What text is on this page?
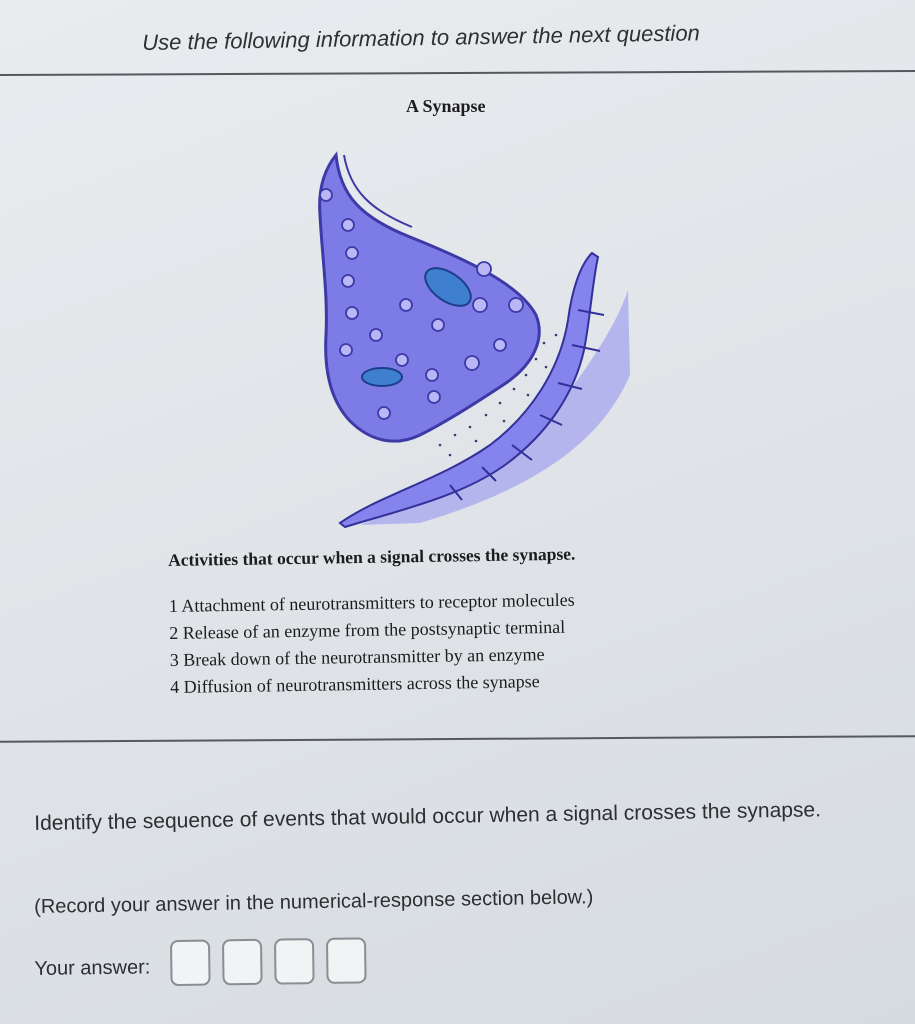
Use the following information to answer the next question
A Synapse
Activities that occur when a signal crosses the synapse.
1 Attachment of neurotransmitters to receptor molecules
2 Release of an enzyme from the postsynaptic terminal
3 Break down of the neurotransmitter by an enzyme
4 Diffusion of neurotransmitters across the synapse
Identify the sequence of events that would occur when a signal crosses the synapse.
(Record your answer in the numerical-response section below.)
Your answer:
